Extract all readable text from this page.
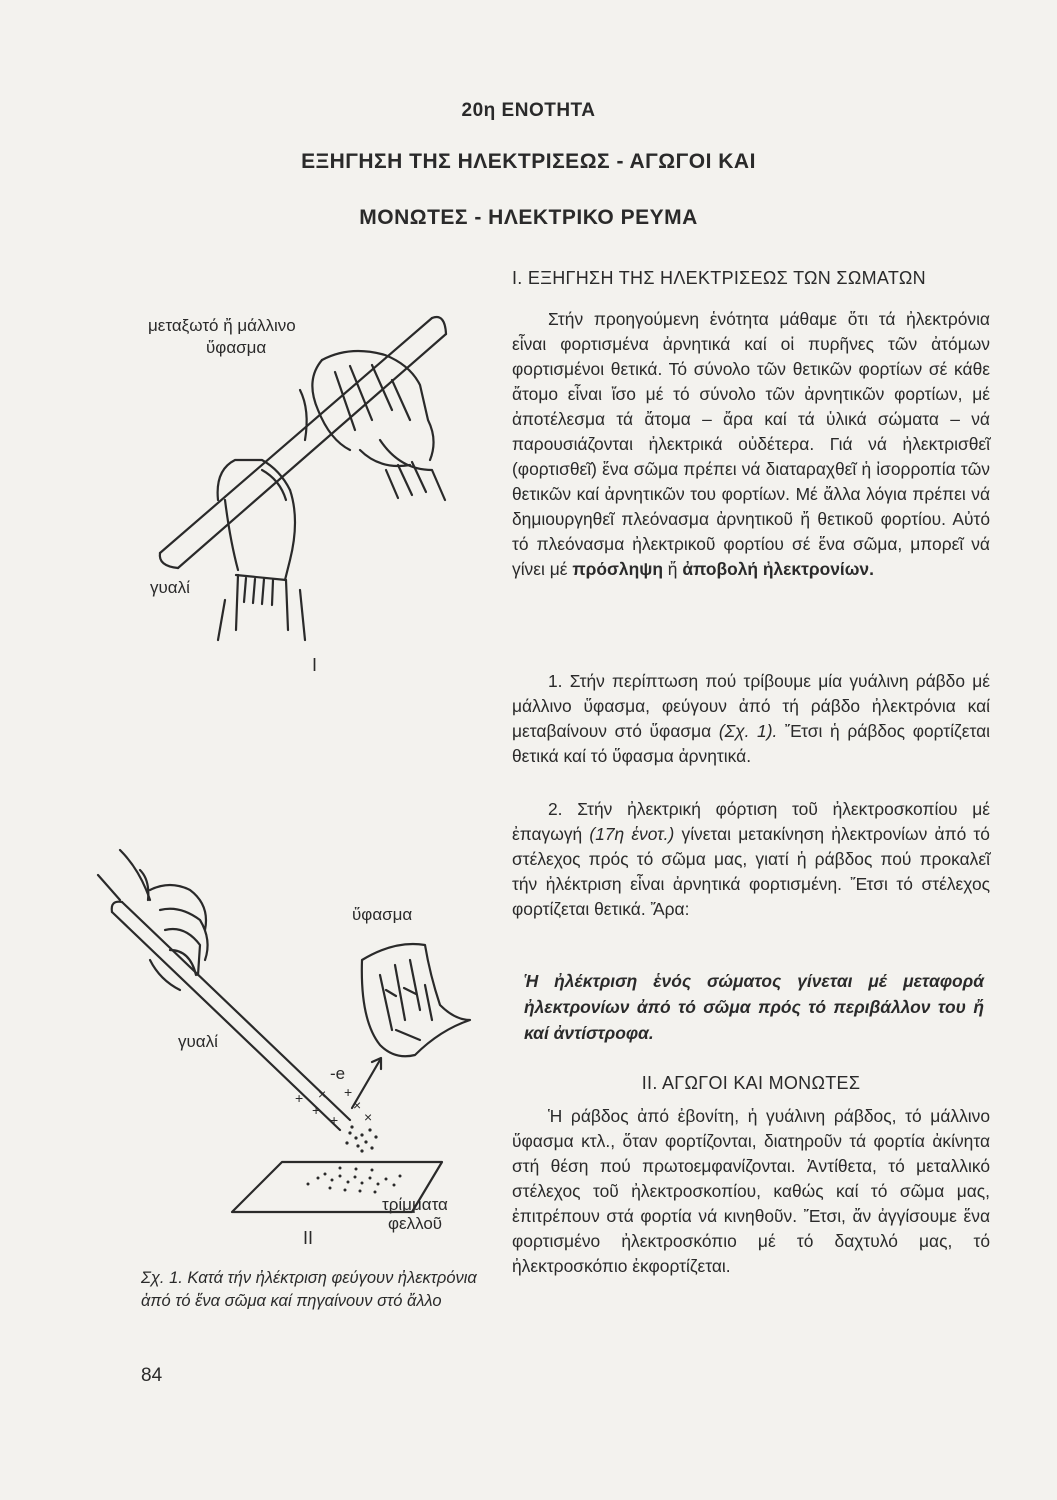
20η ΕΝΟΤΗΤΑ
ΕΞΗΓΗΣΗ ΤΗΣ ΗΛΕΚΤΡΙΣΕΩΣ - ΑΓΩΓΟΙ ΚΑΙ
ΜΟΝΩΤΕΣ - ΗΛΕΚΤΡΙΚΟ ΡΕΥΜΑ
+
+
+
+
×
×
×
μεταξωτό ἤ μάλλινο
ὕφασμα
γυαλί
I
ὕφασμα
γυαλί
-e
τρίμματα
φελλοῦ
II
Σχ. 1. Κατά τήν ἠλέκτριση φεύγουν ἠλεκτρόνια ἀπό τό ἕνα σῶμα καί πηγαίνουν στό ἄλλο
Ι. ΕΞΗΓΗΣΗ ΤΗΣ ΗΛΕΚΤΡΙΣΕΩΣ ΤΩΝ ΣΩΜΑΤΩΝ

Στήν προηγούμενη ἑνότητα μάθαμε ὅτι τά ἠλεκτρόνια εἶναι φορτισμένα ἀρνητικά καί οἱ πυρῆνες τῶν ἀτόμων φορτισμένοι θετικά. Τό σύνολο τῶν θετικῶν φορτίων σέ κάθε ἄτομο εἶναι ἴσο μέ τό σύνολο τῶν ἀρνητικῶν φορτίων, μέ ἀποτέλεσμα τά ἄτομα – ἄρα καί τά ὑλικά σώματα – νά παρουσιάζονται ἠλεκτρικά οὐδέτερα. Γιά νά ἠλεκτρισθεῖ (φορτισθεῖ) ἕνα σῶμα πρέπει νά διαταραχθεῖ ἡ ἰσορροπία τῶν θετικῶν καί ἀρνητικῶν του φορτίων. Μέ ἄλλα λόγια πρέπει νά δημιουργηθεῖ πλεόνασμα ἀρνητικοῦ ἤ θετικοῦ φορτίου. Αὐτό τό πλεόνασμα ἠλεκτρικοῦ φορτίου σέ ἕνα σῶμα, μπορεῖ νά γίνει μέ πρόσληψη ἤ ἀποβολή ἠλεκτρονίων.

1. Στήν περίπτωση πού τρίβουμε μία γυάλινη ράβδο μέ μάλλινο ὕφασμα, φεύγουν ἀπό τή ράβδο ἠλεκτρόνια καί μεταβαίνουν στό ὕφασμα (Σχ. 1). Ἔτσι ἡ ράβδος φορτίζεται θετικά καί τό ὕφασμα ἀρνητικά.

2. Στήν ἠλεκτρική φόρτιση τοῦ ἠλεκτροσκοπίου μέ ἐπαγωγή (17η ἑνοτ.) γίνεται μετακίνηση ἠλεκτρονίων ἀπό τό στέλεχος πρός τό σῶμα μας, γιατί ἡ ράβδος πού προκαλεῖ τήν ἠλέκτριση εἶναι ἀρνητικά φορτισμένη. Ἔτσι τό στέλεχος φορτίζεται θετικά. Ἄρα:

Ἡ ἠλέκτριση ἑνός σώματος γίνεται μέ μεταφορά ἠλεκτρονίων ἀπό τό σῶμα πρός τό περιβάλλον του ἤ καί ἀντίστροφα.
ΙΙ. ΑΓΩΓΟΙ ΚΑΙ ΜΟΝΩΤΕΣ

Ἡ ράβδος ἀπό ἐβονίτη, ἡ γυάλινη ράβδος, τό μάλλινο ὕφασμα κτλ., ὅταν φορτίζονται, διατηροῦν τά φορτία ἀκίνητα στή θέση πού πρωτοεμφανίζονται. Ἀντίθετα, τό μεταλλικό στέλεχος τοῦ ἠλεκτροσκοπίου, καθώς καί τό σῶμα μας, ἐπιτρέπουν στά φορτία νά κινηθοῦν. Ἔτσι, ἄν ἀγγίσουμε ἕνα φορτισμένο ἠλεκτροσκόπιο μέ τό δαχτυλό μας, τό ἠλεκτροσκόπιο ἐκφορτίζεται.

84
